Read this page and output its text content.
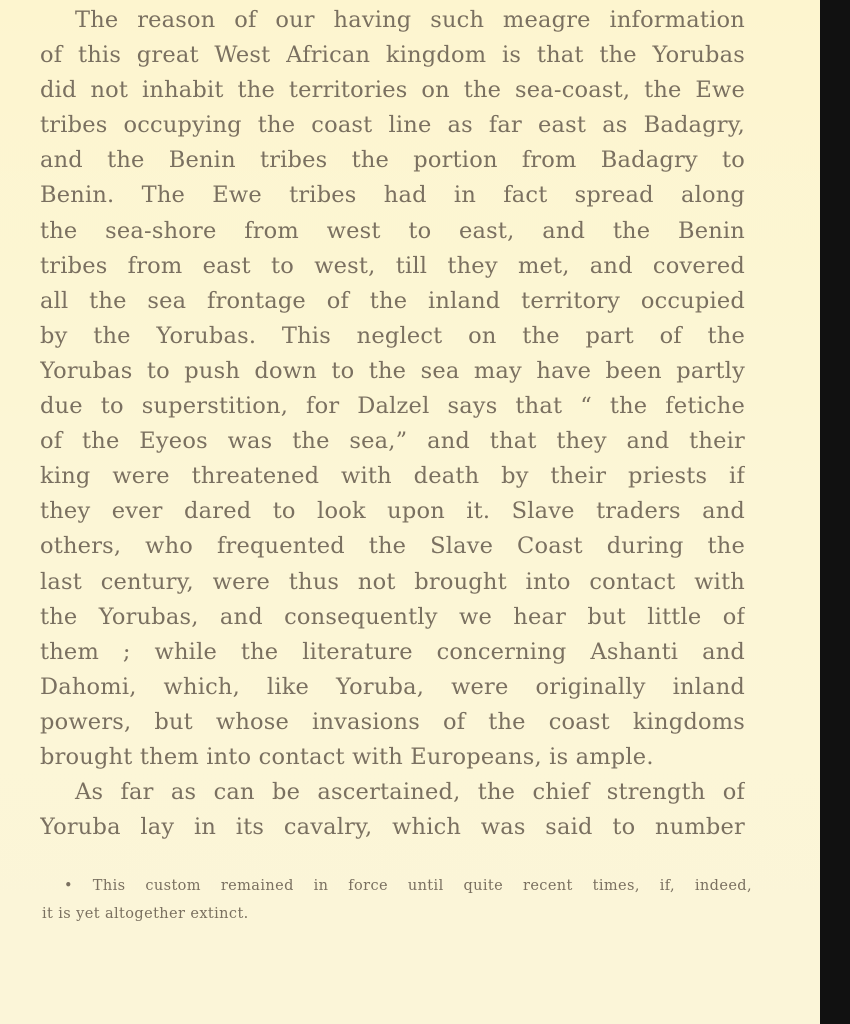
The reason of our having such meagre information
of this great West African kingdom is that the Yorubas
did not inhabit the territories on the sea-coast, the Ewe
tribes occupying the coast line as far east as Badagry,
and the Benin tribes the portion from Badagry to
Benin. The Ewe tribes had in fact spread along
the sea-shore from west to east, and the Benin
tribes from east to west, till they met, and covered
all the sea frontage of the inland territory occupied
by the Yorubas. This neglect on the part of the
Yorubas to push down to the sea may have been partly
due to superstition, for Dalzel says that “ the fetiche
of the Eyeos was the sea,” and that they and their
king were threatened with death by their priests if
they ever dared to look upon it. Slave traders and
others, who frequented the Slave Coast during the
last century, were thus not brought into contact with
the Yorubas, and consequently we hear but little of
them ; while the literature concerning Ashanti and
Dahomi, which, like Yoruba, were originally inland
powers, but whose invasions of the coast kingdoms
brought them into contact with Europeans, is ample.
As far as can be ascertained, the chief strength of
Yoruba lay in its cavalry, which was said to number
• This custom remained in force until quite recent times, if, indeed,
it is yet altogether extinct.
